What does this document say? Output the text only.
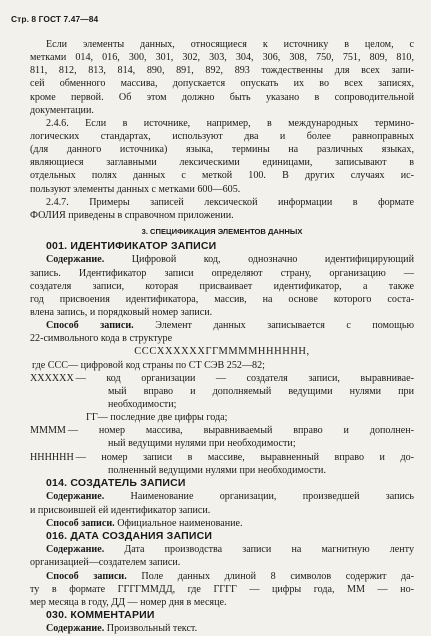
Стр. 8 ГОСТ 7.47—84
Если элементы данных, относящиеся к источнику в целом, с
метками 014, 016, 300, 301, 302, 303, 304, 306, 308, 750, 751, 809, 810,
811, 812, 813, 814, 890, 891, 892, 893 тождественны для всех запи-
сей обменного массива, допускается опускать их во всех записях,
кроме первой. Об этом должно быть указано в сопроводительной
документации.
2.4.6. Если в источнике, например, в международных термино-
логических стандартах, используют два и более равноправных
(для данного источника) языка, термины на различных языках,
являющиеся заглавными лексическими единицами, записывают в
отдельных полях данных с меткой 100. В других случаях ис-
пользуют элементы данных с метками 600—605.
2.4.7. Примеры записей лексической информации в формате
ФОЛИЯ приведены в справочном приложении.
3. СПЕЦИФИКАЦИЯ ЭЛЕМЕНТОВ ДАННЫХ
001. ИДЕНТИФИКАТОР ЗАПИСИ
Содержание. Цифровой код, однозначно идентифицирующий
запись. Идентификатор записи определяют страну, организацию —
создателя записи, которая присваивает идентификатор, а также
год присвоения идентификатора, массив, на основе которого соста-
влена запись, и порядковый номер записи.
Способ записи. Элемент данных записывается с помощью
22-символьного кода в структуре
СССXXXXXXГГММММНННННН,
где ССС — цифровой код страны по СТ СЭВ 252—82;
XXXXXX — код организации — создателя записи, выравнивае-
мый вправо и дополняемый ведущими нулями при
необходимости;
ГГ — последние две цифры года;
ММММ — номер массива, выравниваемый вправо и дополнен-
ный ведущими нулями при необходимости;
НННННН — номер записи в массиве, выравненный вправо и до-
полненный ведущими нулями при необходимости.
014. СОЗДАТЕЛЬ ЗАПИСИ
Содержание. Наименование организации, произведшей запись
и присвоившей ей идентификатор записи.
Способ записи. Официальное наименование.
016. ДАТА СОЗДАНИЯ ЗАПИСИ
Содержание. Дата производства записи на магнитную ленту
организацией—создателем записи.
Способ записи. Поле данных длиной 8 символов содержит да-
ту в формате ГГГГММДД, где ГГГГ — цифры года, ММ — но-
мер месяца в году, ДД — номер дня в месяце.
030. КОММЕНТАРИИ
Содержание. Произвольный текст.
